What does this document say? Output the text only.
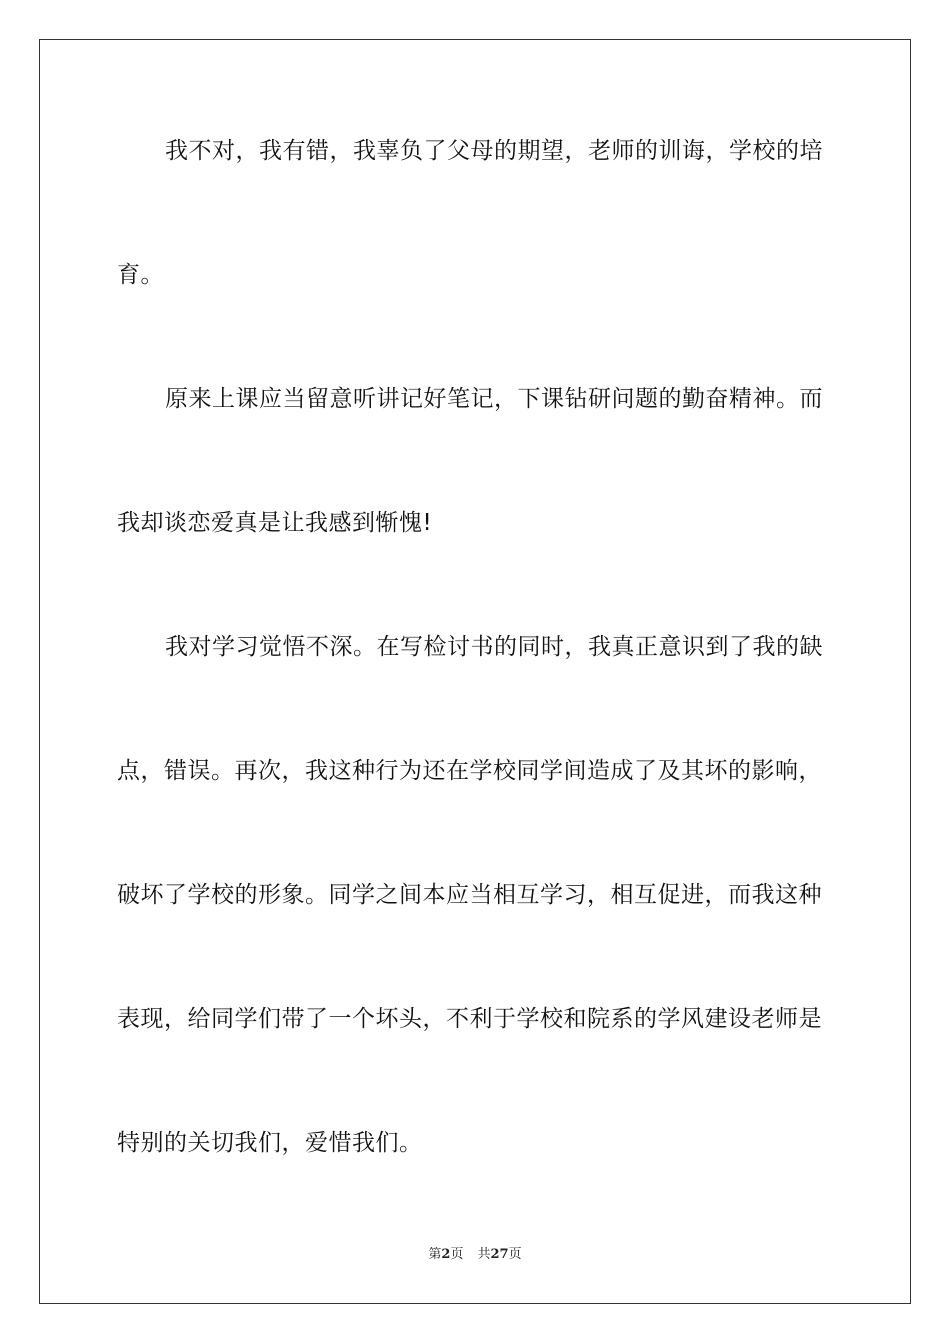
我不对，我有错，我辜负了父母的期望，老师的训诲，学校的培
育。
原来上课应当留意听讲记好笔记，下课钻研问题的勤奋精神。而
我却谈恋爱真是让我感到惭愧!
我对学习觉悟不深。在写检讨书的同时，我真正意识到了我的缺
点，错误。再次，我这种行为还在学校同学间造成了及其坏的影响，
破坏了学校的形象。同学之间本应当相互学习，相互促进，而我这种
表现，给同学们带了一个坏头，不利于学校和院系的学风建设老师是
特别的关切我们，爱惜我们。
第2页 共27页
